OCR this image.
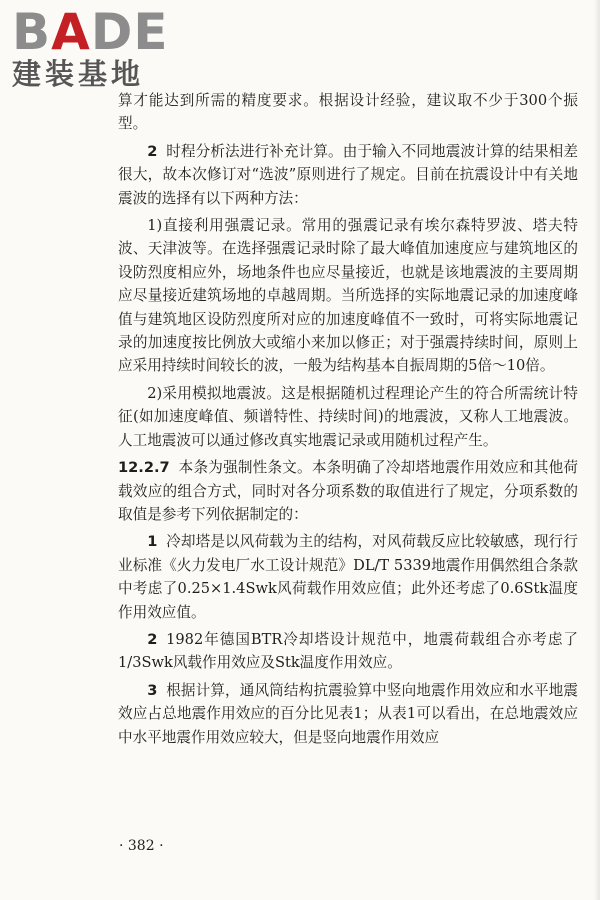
BADE
建装基地

算才能达到所需的精度要求。根据设计经验，建议取不少于300个振型。

2 时程分析法进行补充计算。由于输入不同地震波计算的结果相差很大，故本次修订对“选波”原则进行了规定。目前在抗震设计中有关地震波的选择有以下两种方法：

1)直接利用强震记录。常用的强震记录有埃尔森特罗波、塔夫特波、天津波等。在选择强震记录时除了最大峰值加速度应与建筑地区的设防烈度相应外，场地条件也应尽量接近，也就是该地震波的主要周期应尽量接近建筑场地的卓越周期。当所选择的实际地震记录的加速度峰值与建筑地区设防烈度所对应的加速度峰值不一致时，可将实际地震记录的加速度按比例放大或缩小来加以修正；对于强震持续时间，原则上应采用持续时间较长的波，一般为结构基本自振周期的5倍～10倍。

2)采用模拟地震波。这是根据随机过程理论产生的符合所需统计特征(如加速度峰值、频谱特性、持续时间)的地震波，又称人工地震波。人工地震波可以通过修改真实地震记录或用随机过程产生。

12.2.7 本条为强制性条文。本条明确了冷却塔地震作用效应和其他荷载效应的组合方式，同时对各分项系数的取值进行了规定，分项系数的取值是参考下列依据制定的：

1 冷却塔是以风荷载为主的结构，对风荷载反应比较敏感，现行行业标准《火力发电厂水工设计规范》DL/T 5339地震作用偶然组合条款中考虑了0.25×1.4Swk风荷载作用效应值；此外还考虑了0.6Stk温度作用效应值。

2 1982年德国BTR冷却塔设计规范中，地震荷载组合亦考虑了1/3Swk风载作用效应及Stk温度作用效应。

3 根据计算，通风筒结构抗震验算中竖向地震作用效应和水平地震效应占总地震作用效应的百分比见表1；从表1可以看出，在总地震效应中水平地震作用效应较大，但是竖向地震作用效应

· 382 ·
